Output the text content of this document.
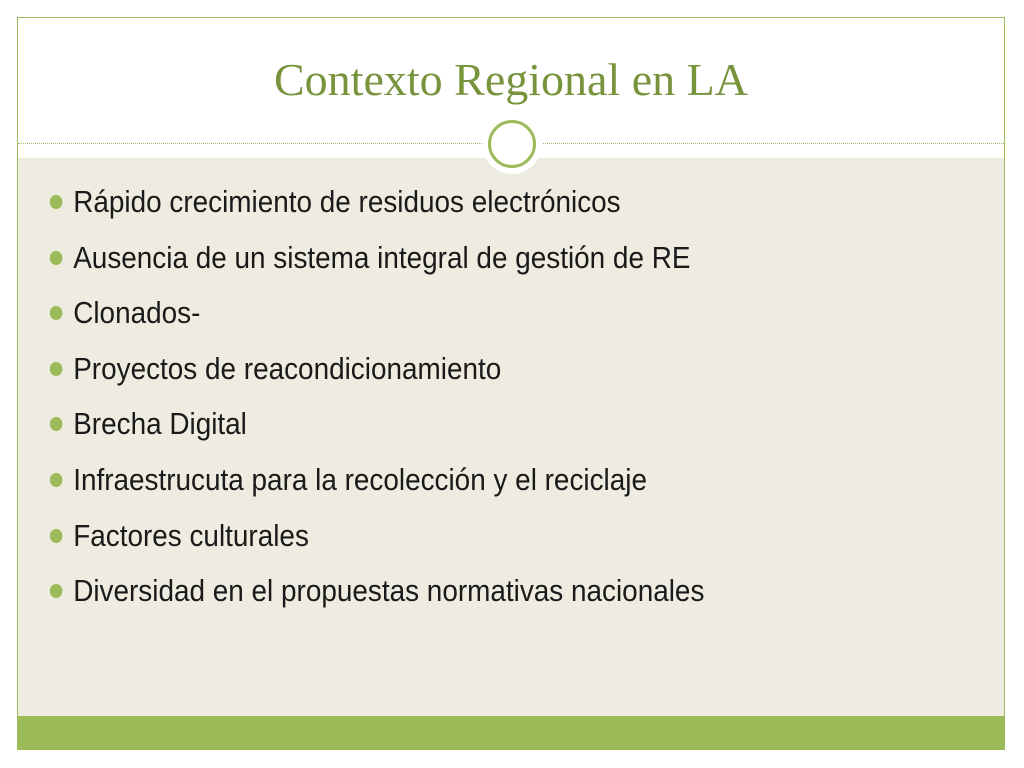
Contexto Regional en LA
Rápido crecimiento de residuos electrónicos
Ausencia de un sistema integral de gestión de RE
Clonados-
Proyectos de reacondicionamiento
Brecha Digital
Infraestrucuta para la recolección y el reciclaje
Factores culturales
Diversidad en el propuestas normativas nacionales
